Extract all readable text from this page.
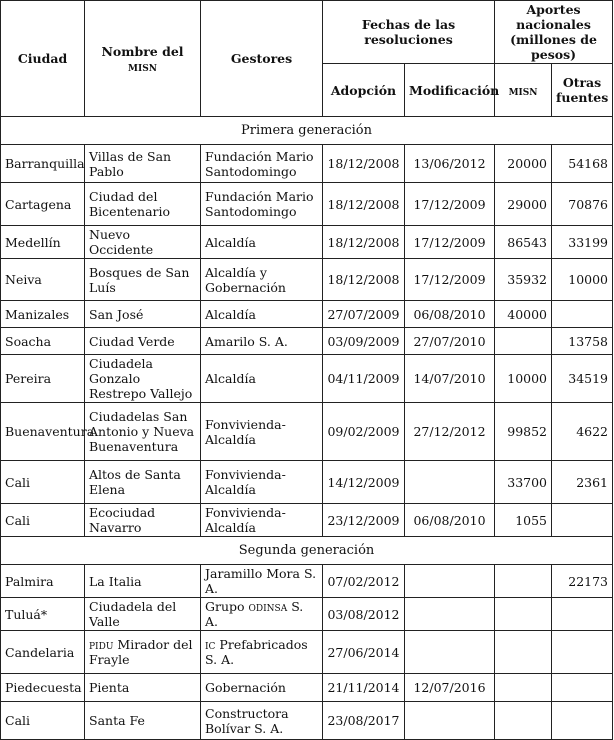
Ciudad	Nombre del misn	Gestores	Fechas de las resoluciones		Aportes nacionales
(millones de pesos)	
			Adopción	Modificación	misn	Otras
fuentes
Primera generación						
Barranquilla	Villas de San Pablo	Fundación Mario Santodomingo	18/12/2008	13/06/2012	20000	54168
Cartagena	Ciudad del Bicentenario	Fundación Mario Santodomingo	18/12/2008	17/12/2009	29000	70876
Medellín	Nuevo Occidente	Alcaldía	18/12/2008	17/12/2009	86543	33199
Neiva	Bosques de San Luís	Alcaldía y Gobernación	18/12/2008	17/12/2009	35932	10000
Manizales	San José	Alcaldía	27/07/2009	06/08/2010	40000	
Soacha	Ciudad Verde	Amarilo S. A.	03/09/2009	27/07/2010		13758
Pereira	Ciudadela Gonzalo Restrepo Vallejo	Alcaldía	04/11/2009	14/07/2010	10000	34519
Buenaventura	Ciudadelas San Antonio y Nueva Buenaventura	Fonvivienda-Alcaldía	09/02/2009	27/12/2012	99852	4622
Cali	Altos de Santa Elena	Fonvivienda-Alcaldía	14/12/2009		33700	2361
Cali	Ecociudad Navarro	Fonvivienda-Alcaldía	23/12/2009	06/08/2010	1055	
Segunda generación						
Palmira	La Italia	Jaramillo Mora S. A.	07/02/2012			22173
Tuluá*	Ciudadela del Valle	Grupo odinsa S. A.	03/08/2012			
Candelaria	pidu Mirador del Frayle	ic Prefabricados S. A.	27/06/2014			
Piedecuesta	Pienta	Gobernación	21/11/2014	12/07/2016		
Cali	Santa Fe	Constructora Bolívar S. A.	23/08/2017			
